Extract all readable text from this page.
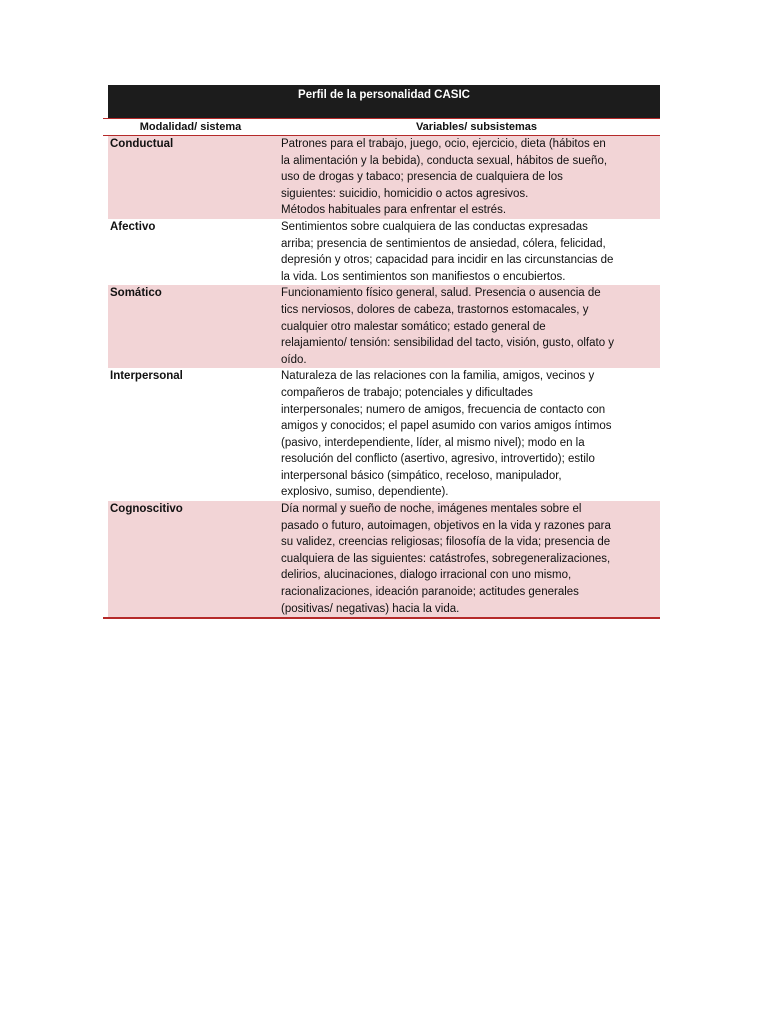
Perfil de la personalidad CASIC
Modalidad/ sistema	Variables/ subsistemas
Conductual	Patrones para el trabajo, juego, ocio, ejercicio, dieta (hábitos en
la alimentación y la bebida), conducta sexual, hábitos de sueño,
uso de drogas y tabaco; presencia de cualquiera de los
siguientes: suicidio, homicidio o actos agresivos.
Métodos habituales para enfrentar el estrés.
Afectivo	Sentimientos sobre cualquiera de las conductas expresadas
arriba; presencia de sentimientos de ansiedad, cólera, felicidad,
depresión y otros; capacidad para incidir en las circunstancias de
la vida. Los sentimientos son manifiestos o encubiertos.
Somático	Funcionamiento físico general, salud. Presencia o ausencia de
tics nerviosos, dolores de cabeza, trastornos estomacales, y
cualquier otro malestar somático; estado general de
relajamiento/ tensión: sensibilidad del tacto, visión, gusto, olfato y
oído.
Interpersonal	Naturaleza de las relaciones con la familia, amigos, vecinos y
compañeros de trabajo; potenciales y dificultades
interpersonales; numero de amigos, frecuencia de contacto con
amigos y conocidos; el papel asumido con varios amigos íntimos
(pasivo, interdependiente, líder, al mismo nivel); modo en la
resolución del conflicto (asertivo, agresivo, introvertido); estilo
interpersonal básico (simpático, receloso, manipulador,
explosivo, sumiso, dependiente).
Cognoscitivo	Día normal y sueño de noche, imágenes mentales sobre el
pasado o futuro, autoimagen, objetivos en la vida y razones para
su validez, creencias religiosas; filosofía de la vida; presencia de
cualquiera de las siguientes: catástrofes, sobregeneralizaciones,
delirios, alucinaciones, dialogo irracional con uno mismo,
racionalizaciones, ideación paranoide; actitudes generales
(positivas/ negativas) hacia la vida.
